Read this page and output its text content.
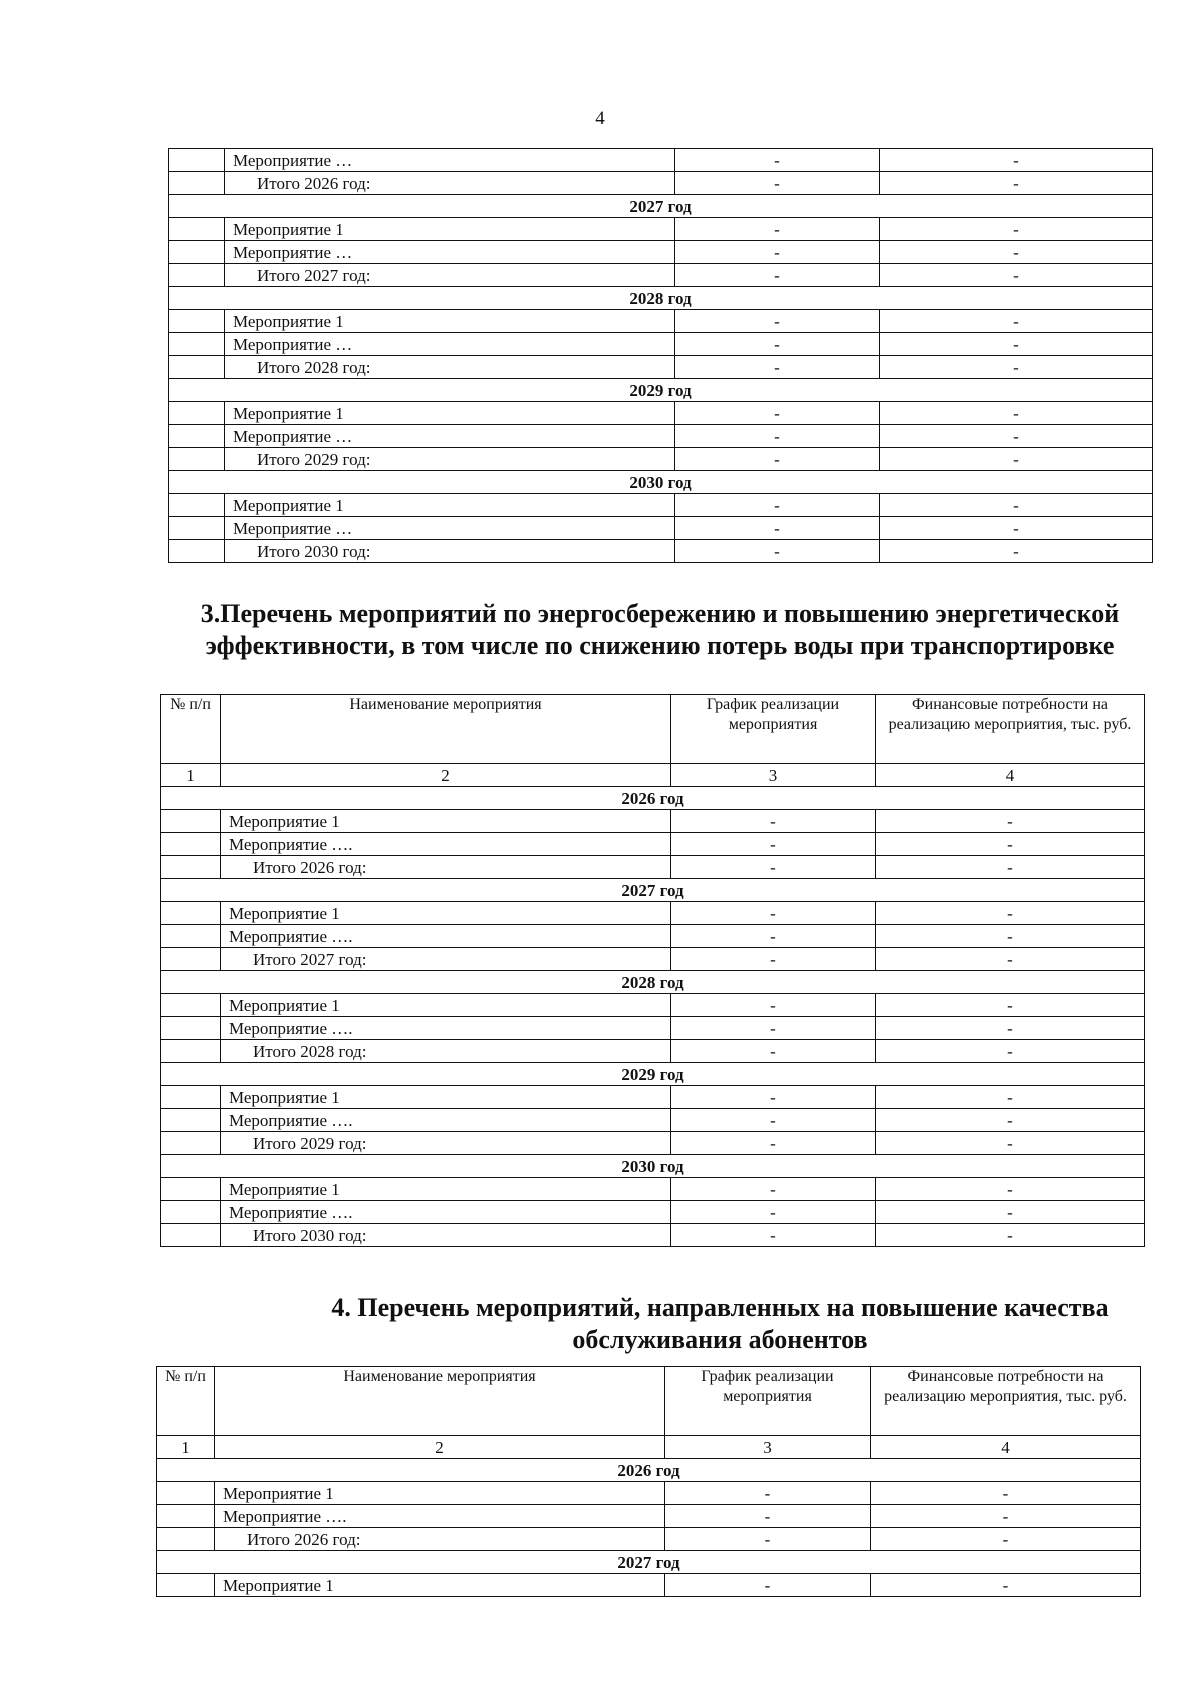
4
	Мероприятие …	-	-
	Итого 2026 год:	-	-
2027 год			
	Мероприятие 1	-	-
	Мероприятие …	-	-
	Итого 2027 год:	-	-
2028 год			
	Мероприятие 1	-	-
	Мероприятие …	-	-
	Итого 2028 год:	-	-
2029 год			
	Мероприятие 1	-	-
	Мероприятие …	-	-
	Итого 2029 год:	-	-
2030 год			
	Мероприятие 1	-	-
	Мероприятие …	-	-
	Итого 2030 год:	-	-
3.Перечень мероприятий по энергосбережению и повышению энергетической эффективности, в том числе по снижению потерь воды при транспортировке
№ п/п	Наименование мероприятия	График реализации мероприятия	Финансовые потребности на реализацию мероприятия, тыс. руб.
1	2	3	4
2026 год			
	Мероприятие 1	-	-
	Мероприятие ….	-	-
	Итого 2026 год:	-	-
2027 год			
	Мероприятие 1	-	-
	Мероприятие ….	-	-
	Итого 2027 год:	-	-
2028 год			
	Мероприятие 1	-	-
	Мероприятие ….	-	-
	Итого 2028 год:	-	-
2029 год			
	Мероприятие 1	-	-
	Мероприятие ….	-	-
	Итого 2029 год:	-	-
2030 год			
	Мероприятие 1	-	-
	Мероприятие ….	-	-
	Итого 2030 год:	-	-
4. Перечень мероприятий, направленных на повышение качества обслуживания абонентов
№ п/п	Наименование мероприятия	График реализации мероприятия	Финансовые потребности на реализацию мероприятия, тыс. руб.
1	2	3	4
2026 год			
	Мероприятие 1	-	-
	Мероприятие ….	-	-
	Итого 2026 год:	-	-
2027 год			
	Мероприятие 1	-	-
